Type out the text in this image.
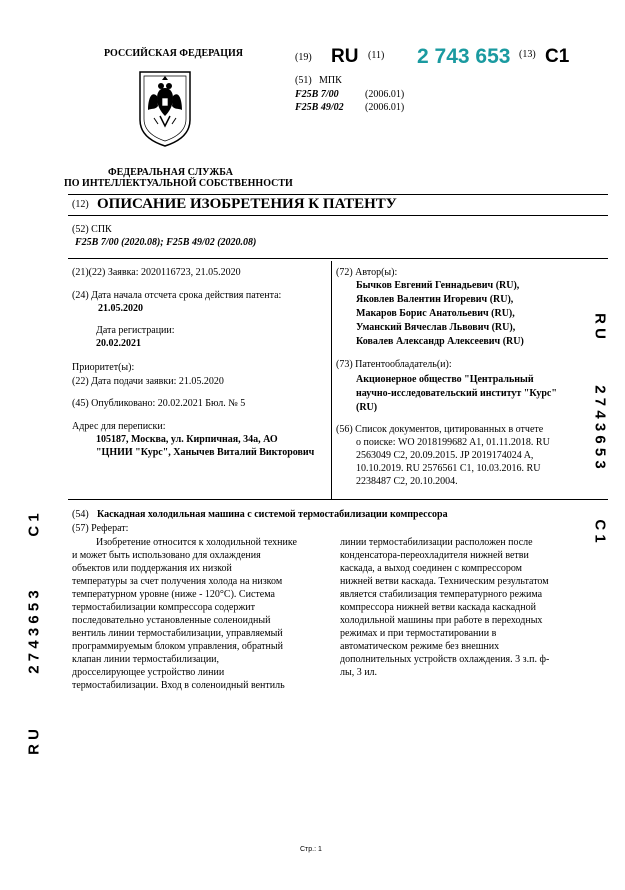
РОССИЙСКАЯ ФЕДЕРАЦИЯ
ФЕДЕРАЛЬНАЯ СЛУЖБА
ПО ИНТЕЛЛЕКТУАЛЬНОЙ СОБСТВЕННОСТИ
(19) RU (11) 2 743 653 (13) C1
(51) МПК
F25B 7/00	(2006.01)
F25B 49/02 (2006.01)
(12) ОПИСАНИЕ ИЗОБРЕТЕНИЯ К ПАТЕНТУ
(52) СПК
F25B 7/00 (2020.08); F25B 49/02 (2020.08)
(21)(22) Заявка: 2020116723, 21.05.2020
(24) Дата начала отсчета срока действия патента:
21.05.2020
Дата регистрации:
20.02.2021
Приоритет(ы):
(22) Дата подачи заявки: 21.05.2020
(45) Опубликовано: 20.02.2021 Бюл. № 5
Адрес для переписки:
105187, Москва, ул. Кирпичная, 34а, АО
"ЦНИИ "Курс", Ханычев Виталий Викторович
(72) Автор(ы):
Бычков Евгений Геннадьевич (RU),
Яковлев Валентин Игоревич (RU),
Макаров Борис Анатольевич (RU),
Уманский Вячеслав Львович (RU),
Ковалев Александр Алексеевич (RU)
(73) Патентообладатель(и):
Акционерное общество "Центральный
научно-исследовательский институт "Курс"
(RU)
(56) Список документов, цитированных в отчете
о поиске: WO 2018199682 A1, 01.11.2018. RU
2563049 C2, 20.09.2015. JP 2019174024 A,
10.10.2019. RU 2576561 C1, 10.03.2016. RU
2238487 C2, 20.10.2004.
(54) Каскадная холодильная машина с системой термостабилизации компрессора
(57) Реферат:
Изобретение относится к холодильной технике
и может быть использовано для охлаждения
объектов или поддержания их низкой
температуры за счет получения холода на низком
температурном уровне (ниже - 120°С). Система
термостабилизации компрессора содержит
последовательно установленные соленоидный
вентиль линии термостабилизации, управляемый
программируемым блоком управления, обратный
клапан линии термостабилизации,
дросселирующее устройство линии
термостабилизации. Вход в соленоидный вентиль
линии термостабилизации расположен после
конденсатора-переохладителя нижней ветви
каскада, а выход соединен с компрессором
нижней ветви каскада. Техническим результатом
является стабилизация температурного режима
компрессора нижней ветви каскада каскадной
холодильной машины при работе в переходных
режимах и при термостатировании в
автоматическом режиме без внешних
дополнительных устройств охлаждения. 3 з.п. ф-
лы, 3 ил.
R U
2 7 4 3 6 5 3
C 1
C 1
2 7 4 3 6 5 3
R U
Стр.: 1
